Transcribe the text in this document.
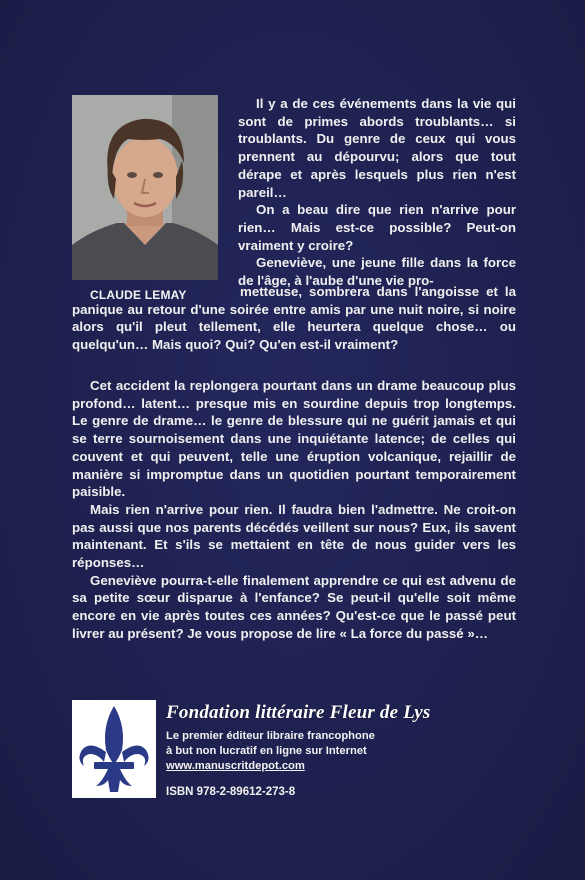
CLAUDE LEMAY

Il y a de ces événements dans la vie qui sont de primes abords troublants… si troublants. Du genre de ceux qui vous prennent au dépourvu; alors que tout dérape et après lesquels plus rien n'est pareil…

On a beau dire que rien n'arrive pour rien… Mais est-ce possible? Peut-on vraiment y croire?

Geneviève, une jeune fille dans la force de l'âge, à l'aube d'une vie pro-

metteuse, sombrera dans l'angoisse et la panique au retour d'une soirée entre amis par une nuit noire, si noire alors qu'il pleut tellement, elle heurtera quelque chose… ou quelqu'un… Mais quoi? Qui? Qu'en est-il vraiment?

Cet accident la replongera pourtant dans un drame beaucoup plus profond… latent… presque mis en sourdine depuis trop longtemps. Le genre de drame… le genre de blessure qui ne guérit jamais et qui se terre sournoisement dans une inquiétante latence; de celles qui couvent et qui peuvent, telle une éruption volcanique, rejaillir de manière si impromptue dans un quotidien pourtant temporairement paisible.

Mais rien n'arrive pour rien. Il faudra bien l'admettre. Ne croit-on pas aussi que nos parents décédés veillent sur nous? Eux, ils savent maintenant. Et s'ils se mettaient en tête de nous guider vers les réponses…

Geneviève pourra-t-elle finalement apprendre ce qui est advenu de sa petite sœur disparue à l'enfance? Se peut-il qu'elle soit même encore en vie après toutes ces années? Qu'est-ce que le passé peut livrer au présent? Je vous propose de lire « La force du passé »…

Fondation littéraire Fleur de Lys
Le premier éditeur libraire francophone
à but non lucratif en ligne sur Internet
www.manuscritdepot.com
ISBN 978-2-89612-273-8
